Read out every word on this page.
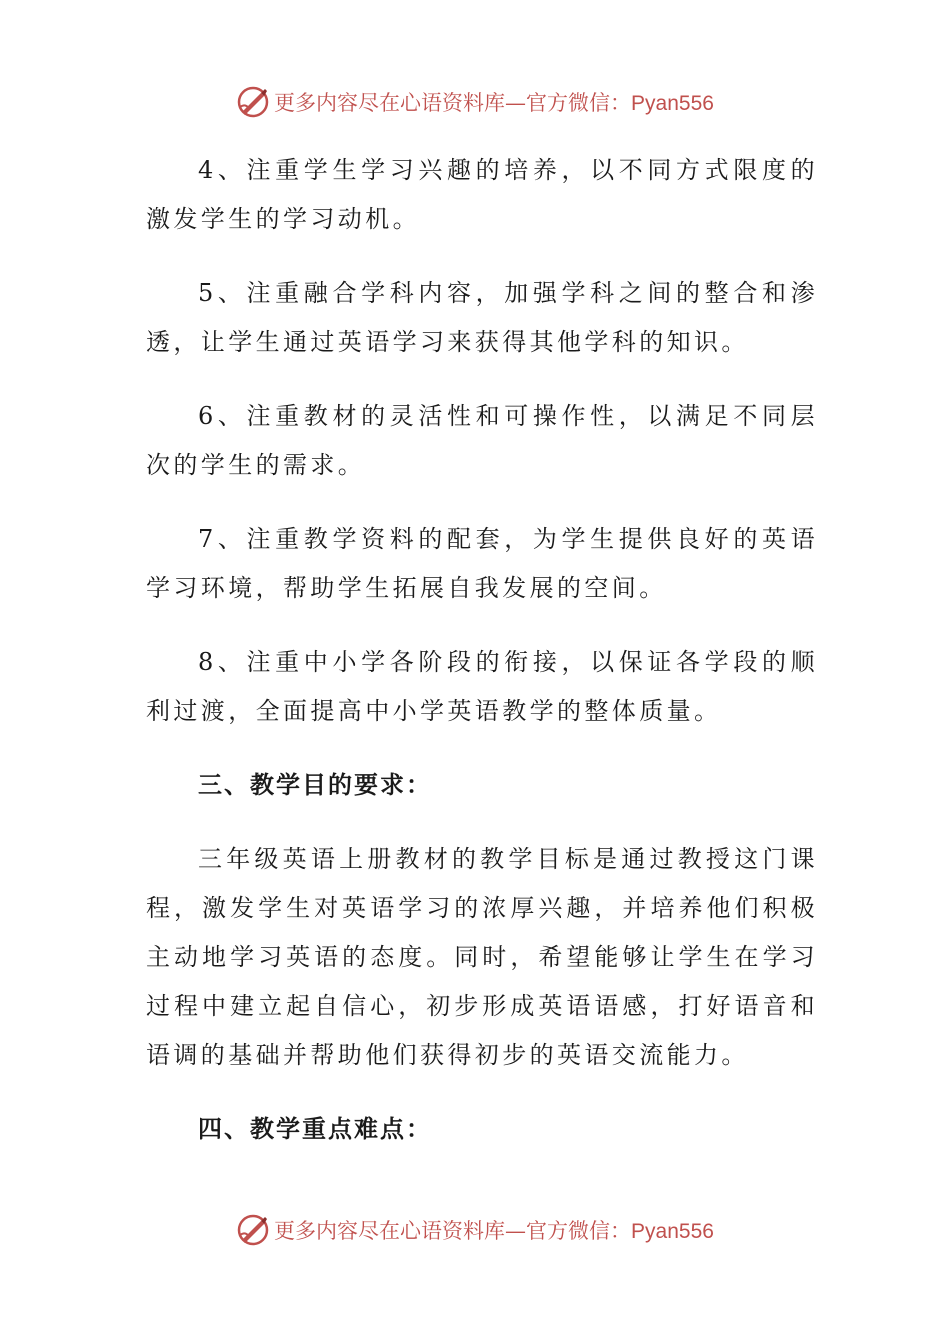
更多内容尽在心语资料库—官方微信：Pyan556

4、注重学生学习兴趣的培养，以不同方式限度的激发学生的学习动机。

5、注重融合学科内容，加强学科之间的整合和渗透，让学生通过英语学习来获得其他学科的知识。

6、注重教材的灵活性和可操作性，以满足不同层次的学生的需求。

7、注重教学资料的配套，为学生提供良好的英语学习环境，帮助学生拓展自我发展的空间。

8、注重中小学各阶段的衔接，以保证各学段的顺利过渡，全面提高中小学英语教学的整体质量。

三、教学目的要求：

三年级英语上册教材的教学目标是通过教授这门课程，激发学生对英语学习的浓厚兴趣，并培养他们积极主动地学习英语的态度。同时，希望能够让学生在学习过程中建立起自信心，初步形成英语语感，打好语音和语调的基础并帮助他们获得初步的英语交流能力。

四、教学重点难点：

更多内容尽在心语资料库—官方微信：Pyan556
